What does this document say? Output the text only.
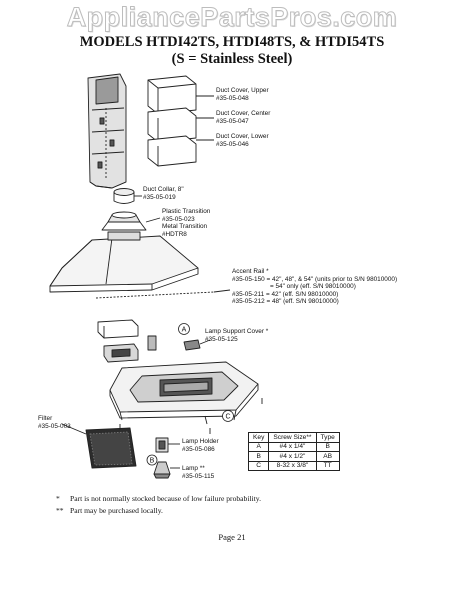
AppliancePartsPros.com
MODELS HTDI42TS, HTDI48TS, & HTDI54TS
(S = Stainless Steel)
A
B
C
Duct Cover, Upper
#35-05-048
Duct Cover, Center
#35-05-047
Duct Cover, Lower
#35-05-046
Duct Collar, 8"
#35-05-019
Plastic Transition
#35-05-023
Metal Transition
#HDTR8
Accent Rail *
#35-05-150 = 42", 48", & 54" (units prior to S/N 98010000)
= 54" only (eff. S/N 98010000)
#35-05-211 = 42" (eff. S/N 98010000)
#35-05-212 = 48" (eff. S/N 98010000)
Lamp Support Cover *
#35-05-125
Filter
#35-05-003
Lamp Holder
#35-05-086
Lamp **
#35-05-115
Key	Screw Size**	Type
A	#4 x 1/4"	B
B	#4 x 1/2"	AB
C	8-32 x 3/8"	TT
* Part is not normally stocked because of low failure probability.
** Part may be purchased locally.
Page 21
